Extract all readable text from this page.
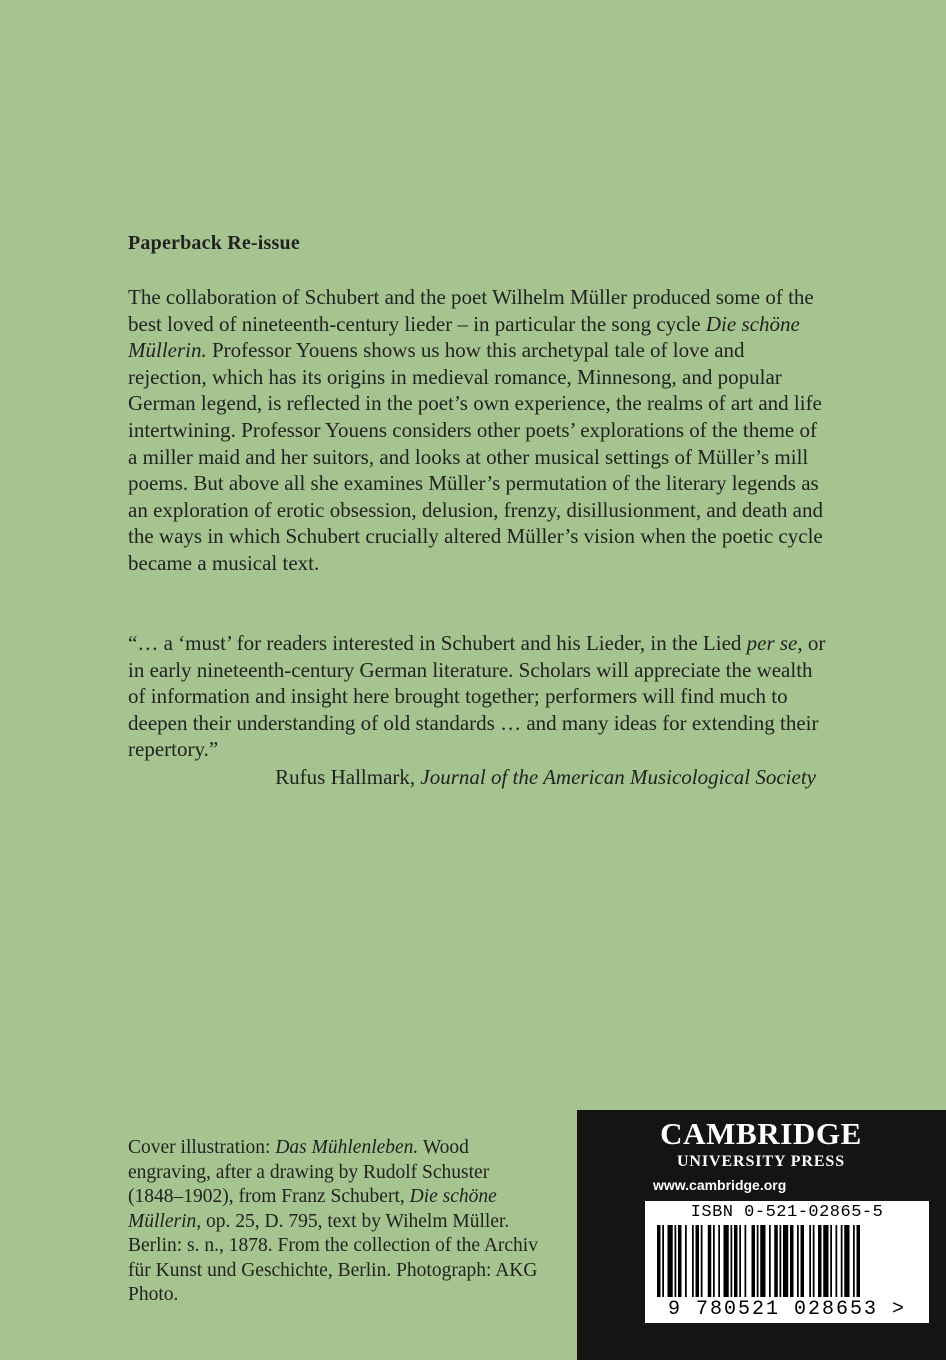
Paperback Re-issue

The collaboration of Schubert and the poet Wilhelm Müller produced some of the best loved of nineteenth-century lieder – in particular the song cycle Die schöne Müllerin. Professor Youens shows us how this archetypal tale of love and rejection, which has its origins in medieval romance, Minnesong, and popular German legend, is reflected in the poet’s own experience, the realms of art and life intertwining. Professor Youens considers other poets’ explorations of the theme of a miller maid and her suitors, and looks at other musical settings of Müller’s mill poems. But above all she examines Müller’s permutation of the literary legends as an exploration of erotic obsession, delusion, frenzy, disillusionment, and death and the ways in which Schubert crucially altered Müller’s vision when the poetic cycle became a musical text.

“… a ‘must’ for readers interested in Schubert and his Lieder, in the Lied per se, or in early nineteenth-century German literature. Scholars will appreciate the wealth of information and insight here brought together; performers will find much to deepen their understanding of old standards … and many ideas for extending their repertory.”

Rufus Hallmark, Journal of the American Musicological Society

Cover illustration: Das Mühlenleben. Wood engraving, after a drawing by Rudolf Schuster (1848–1902), from Franz Schubert, Die schöne Müllerin, op. 25, D. 795, text by Wihelm Müller. Berlin: s. n., 1878. From the collection of the Archiv für Kunst und Geschichte, Berlin. Photograph: AKG Photo.

CAMBRIDGE
UNIVERSITY PRESS
www.cambridge.org
ISBN 0-521-02865-5
9 780521 028653 >
